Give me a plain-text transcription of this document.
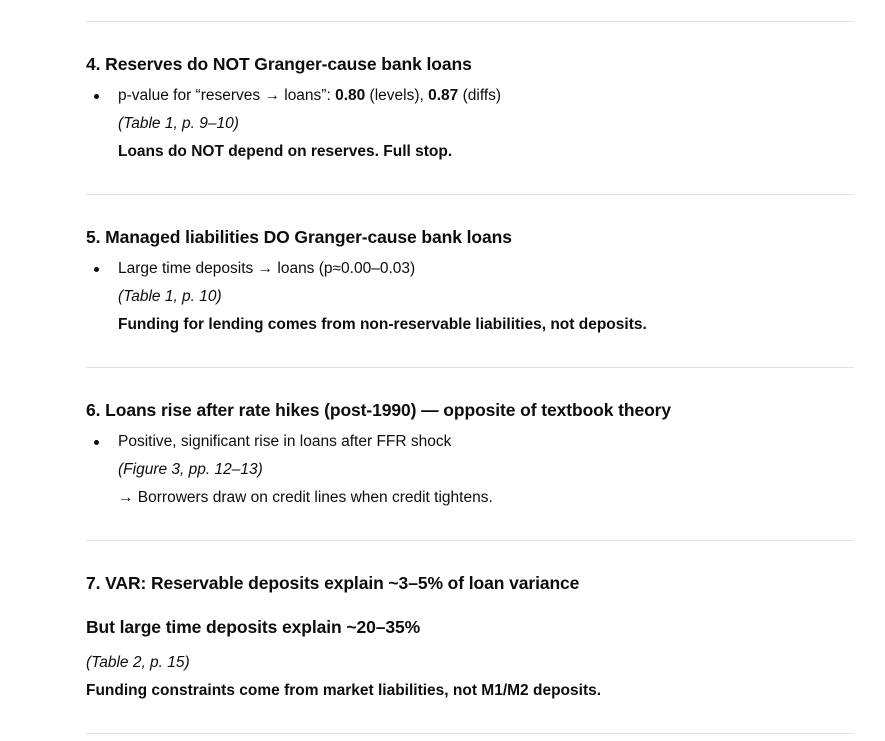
4. Reserves do NOT Granger-cause bank loans
p-value for “reserves → loans”: 0.80 (levels), 0.87 (diffs)
(Table 1, p. 9–10)
Loans do NOT depend on reserves. Full stop.
5. Managed liabilities DO Granger-cause bank loans
Large time deposits → loans (p≈0.00–0.03)
(Table 1, p. 10)
Funding for lending comes from non-reservable liabilities, not deposits.
6. Loans rise after rate hikes (post-1990) — opposite of textbook theory
Positive, significant rise in loans after FFR shock
(Figure 3, pp. 12–13)
→ Borrowers draw on credit lines when credit tightens.
7. VAR: Reservable deposits explain ~3–5% of loan variance
But large time deposits explain ~20–35%
(Table 2, p. 15)
Funding constraints come from market liabilities, not M1/M2 deposits.
